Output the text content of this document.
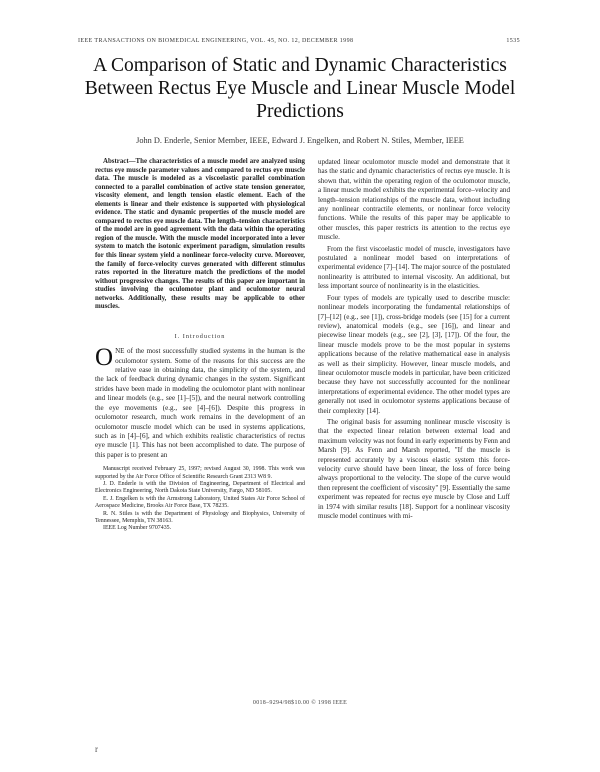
IEEE TRANSACTIONS ON BIOMEDICAL ENGINEERING, VOL. 45, NO. 12, DECEMBER 1998	1535
A Comparison of Static and Dynamic Characteristics Between Rectus Eye Muscle and Linear Muscle Model Predictions
John D. Enderle, Senior Member, IEEE, Edward J. Engelken, and Robert N. Stiles, Member, IEEE
Abstract—The characteristics of a muscle model are analyzed using rectus eye muscle parameter values and compared to rectus eye muscle data. The muscle is modeled as a viscoelastic parallel combination connected to a parallel combination of active state tension generator, viscosity element, and length tension elastic element. Each of the elements is linear and their existence is supported with physiological evidence. The static and dynamic properties of the muscle model are compared to rectus eye muscle data. The length–tension characteristics of the model are in good agreement with the data within the operating region of the muscle. With the muscle model incorporated into a lever system to match the isotonic experiment paradigm, simulation results for this linear system yield a nonlinear force-velocity curve. Moreover, the family of force-velocity curves generated with different stimulus rates reported in the literature match the predictions of the model without progressive changes. The results of this paper are important in studies involving the oculomotor plant and oculomotor neural networks. Additionally, these results may be applicable to other muscles.
I. Introduction

ONE of the most successfully studied systems in the human is the oculomotor system. Some of the reasons for this success are the relative ease in obtaining data, the simplicity of the system, and the lack of feedback during dynamic changes in the system. Significant strides have been made in modeling the oculomotor plant with nonlinear and linear models (e.g., see [1]–[5]), and the neural network controlling the eye movements (e.g., see [4]–[6]). Despite this progress in oculomotor research, much work remains in the development of an oculomotor muscle model which can be used in systems applications, such as in [4]–[6], and which exhibits realistic characteristics of rectus eye muscle [1]. This has not been accomplished to date. The purpose of this paper is to present an

Manuscript received February 25, 1997; revised August 30, 1998. This work was supported by the Air Force Office of Scientific Research Grant 2313 W8 9.

J. D. Enderle is with the Division of Engineering, Department of Electrical and Electronics Engineering, North Dakota State University, Fargo, ND 58105.

E. J. Engelken is with the Armstrong Laboratory, United States Air Force School of Aerospace Medicine, Brooks Air Force Base, TX 78235.

R. N. Stiles is with the Department of Physiology and Biophysics, University of Tennessee, Memphis, TN 38163.

IEEE Log Number 9707435.

updated linear oculomotor muscle model and demonstrate that it has the static and dynamic characteristics of rectus eye muscle. It is shown that, within the operating region of the oculomotor muscle, a linear muscle model exhibits the experimental force–velocity and length–tension relationships of the muscle data, without including any nonlinear contractile elements, or nonlinear force velocity functions. While the results of this paper may be applicable to other muscles, this paper restricts its attention to the rectus eye muscle.

From the first viscoelastic model of muscle, investigators have postulated a nonlinear model based on interpretations of experimental evidence [7]–[14]. The major source of the postulated nonlinearity is attributed to internal viscosity. An additional, but less important source of nonlinearity is in the elasticities.

Four types of models are typically used to describe muscle: nonlinear models incorporating the fundamental relationships of [7]–[12] (e.g., see [1]), cross-bridge models (see [15] for a current review), anatomical models (e.g., see [16]), and linear and piecewise linear models (e.g., see [2], [3], [17]). Of the four, the linear muscle models prove to be the most popular in systems applications because of the relative mathematical ease in analysis as well as their simplicity. However, linear muscle models, and linear oculomotor muscle models in particular, have been criticized because they have not successfully accounted for the nonlinear interpretations of experimental evidence. The other model types are generally not used in oculomotor systems applications because of their complexity [14].

The original basis for assuming nonlinear muscle viscosity is that the expected linear relation between external load and maximum velocity was not found in early experiments by Fenn and Marsh [9]. As Fenn and Marsh reported, "If the muscle is represented accurately by a viscous elastic system this force-velocity curve should have been linear, the loss of force being always proportional to the velocity. The slope of the curve would then represent the coefficient of viscosity" [9]. Essentially the same experiment was repeated for rectus eye muscle by Close and Luff in 1974 with similar results [18]. Support for a nonlinear viscosity muscle model continues with mi-

0018–9294/98$10.00 © 1998 IEEE
r
